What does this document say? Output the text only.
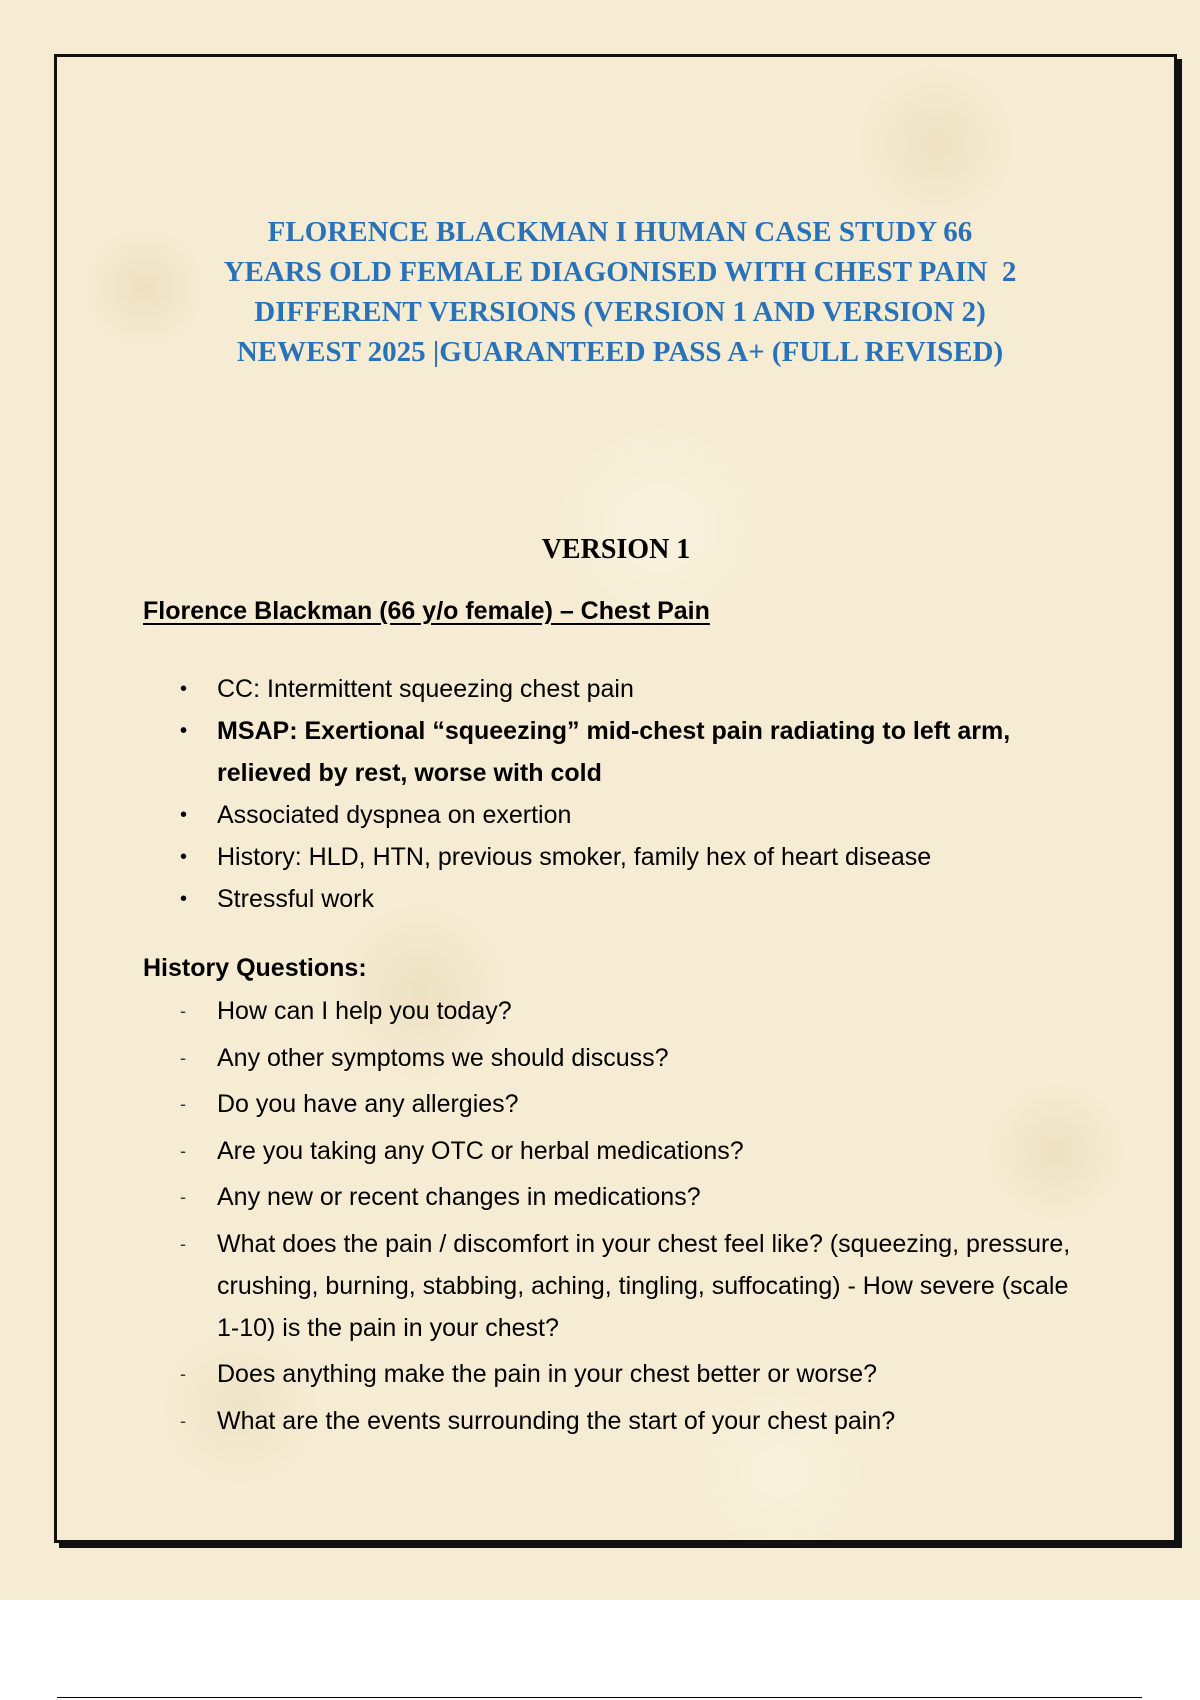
FLORENCE BLACKMAN I HUMAN CASE STUDY 66
YEARS OLD FEMALE DIAGONISED WITH CHEST PAIN  2
DIFFERENT VERSIONS (VERSION 1 AND VERSION 2)
NEWEST 2025 |GUARANTEED PASS A+ (FULL REVISED)
VERSION 1
Florence Blackman (66 y/o female) – Chest Pain
• CC: Intermittent squeezing chest pain
• MSAP: Exertional “squeezing” mid-chest pain radiating to left arm, relieved by rest, worse with cold
• Associated dyspnea on exertion
• History: HLD, HTN, previous smoker, family hex of heart disease
• Stressful work
History Questions:
- How can I help you today?
- Any other symptoms we should discuss?
- Do you have any allergies?
- Are you taking any OTC or herbal medications?
- Any new or recent changes in medications?
- What does the pain / discomfort in your chest feel like? (squeezing, pressure, crushing, burning, stabbing, aching, tingling, suffocating) - How severe (scale 1-10) is the pain in your chest?
- Does anything make the pain in your chest better or worse?
- What are the events surrounding the start of your chest pain?
